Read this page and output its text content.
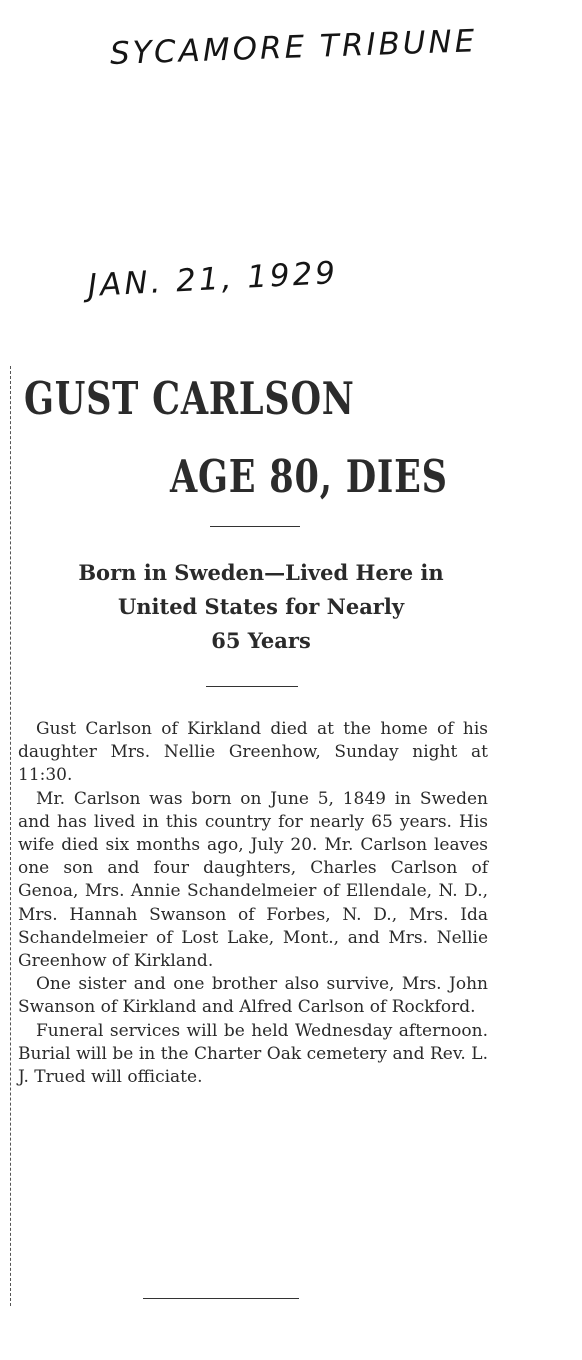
SYCAMORE TRIBUNE
JAN. 21, 1929
GUST CARLSON
AGE 80, DIES
Born in Sweden—Lived Here in
United States for Nearly
65 Years

Gust Carlson of Kirkland died at the home of his daughter Mrs. Nellie Greenhow, Sunday night at 11:30.

Mr. Carlson was born on June 5, 1849 in Sweden and has lived in this country for nearly 65 years. His wife died six months ago, July 20. Mr. Carlson leaves one son and four daughters, Charles Carlson of Genoa, Mrs. Annie Schandelmeier of Ellendale, N. D., Mrs. Hannah Swanson of Forbes, N. D., Mrs. Ida Schandelmeier of Lost Lake, Mont., and Mrs. Nellie Greenhow of Kirkland.

One sister and one brother also survive, Mrs. John Swanson of Kirkland and Alfred Carlson of Rockford.

Funeral services will be held Wednesday afternoon. Burial will be in the Charter Oak cemetery and Rev. L. J. Trued will officiate.
